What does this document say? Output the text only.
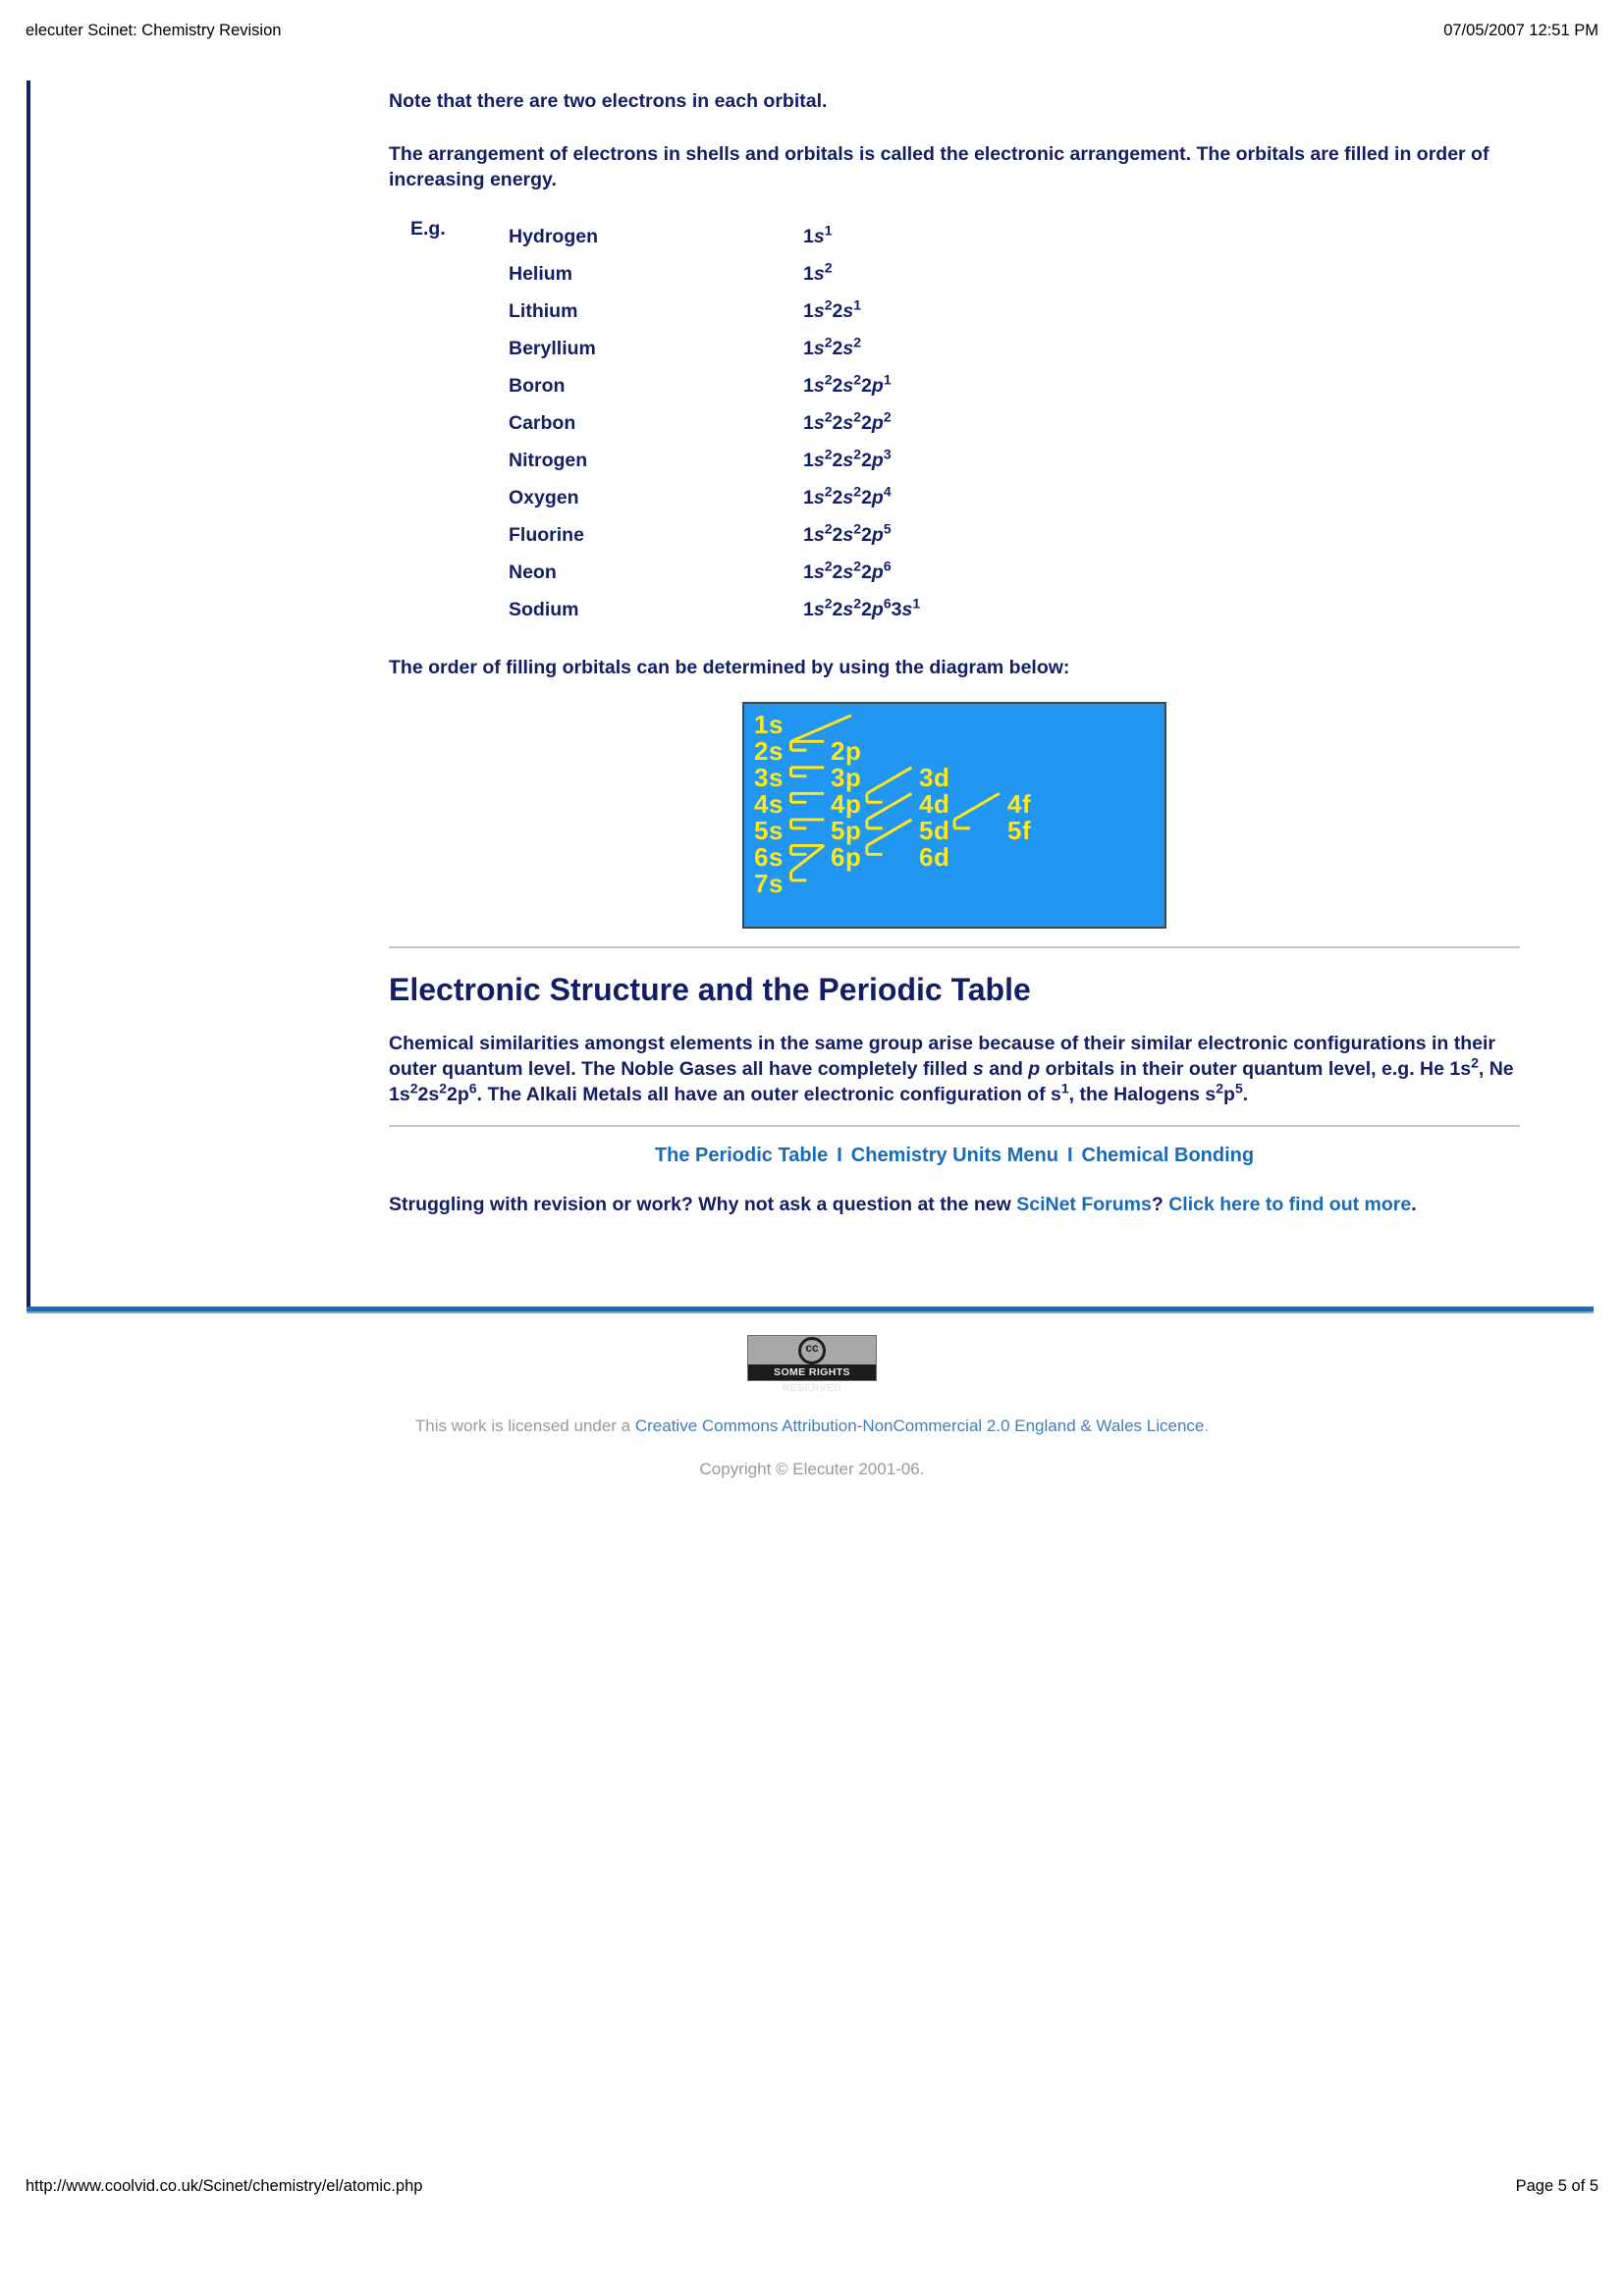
elecuter Scinet: Chemistry Revision	07/05/2007 12:51 PM

Note that there are two electrons in each orbital.

The arrangement of electrons in shells and orbitals is called the electronic arrangement. The orbitals are filled in order of increasing energy.

E.g.	Hydrogen	$1s^1$
Helium	$1s^2$
Lithium	$1s^22s^1$
Beryllium	$1s^22s^2$
Boron	$1s^22s^22p^1$
Carbon	$1s^22s^22p^2$
Nitrogen	$1s^22s^22p^3$
Oxygen	$1s^22s^22p^4$
Fluorine	$1s^22s^22p^5$
Neon	$1s^22s^22p^6$
Sodium	$1s^22s^22p^63s^1$

The order of filling orbitals can be determined by using the diagram below:

1s
2s
3s
4s
5s
6s
7s
2p
3p
4p
5p
6p
3d
4d
5d
6d
4f
5f
Electronic Structure and the Periodic Table

Chemical similarities amongst elements in the same group arise because of their similar electronic configurations in their outer quantum level. The Noble Gases all have completely filled s and p orbitals in their outer quantum level, e.g. He $1s^2$, Ne $1s^22s^22p^6$. The Alkali Metals all have an outer electronic configuration of $s^1$, the Halogens $s^2p^5$.

The Periodic Table I Chemistry Units Menu I Chemical Bonding

Struggling with revision or work? Why not ask a question at the new SciNet Forums? Click here to find out more.

cc
SOME RIGHTS RESERVED
This work is licensed under a Creative Commons Attribution-NonCommercial 2.0 England & Wales Licence.
Copyright © Elecuter 2001-06.
http://www.coolvid.co.uk/Scinet/chemistry/el/atomic.php	Page 5 of 5
